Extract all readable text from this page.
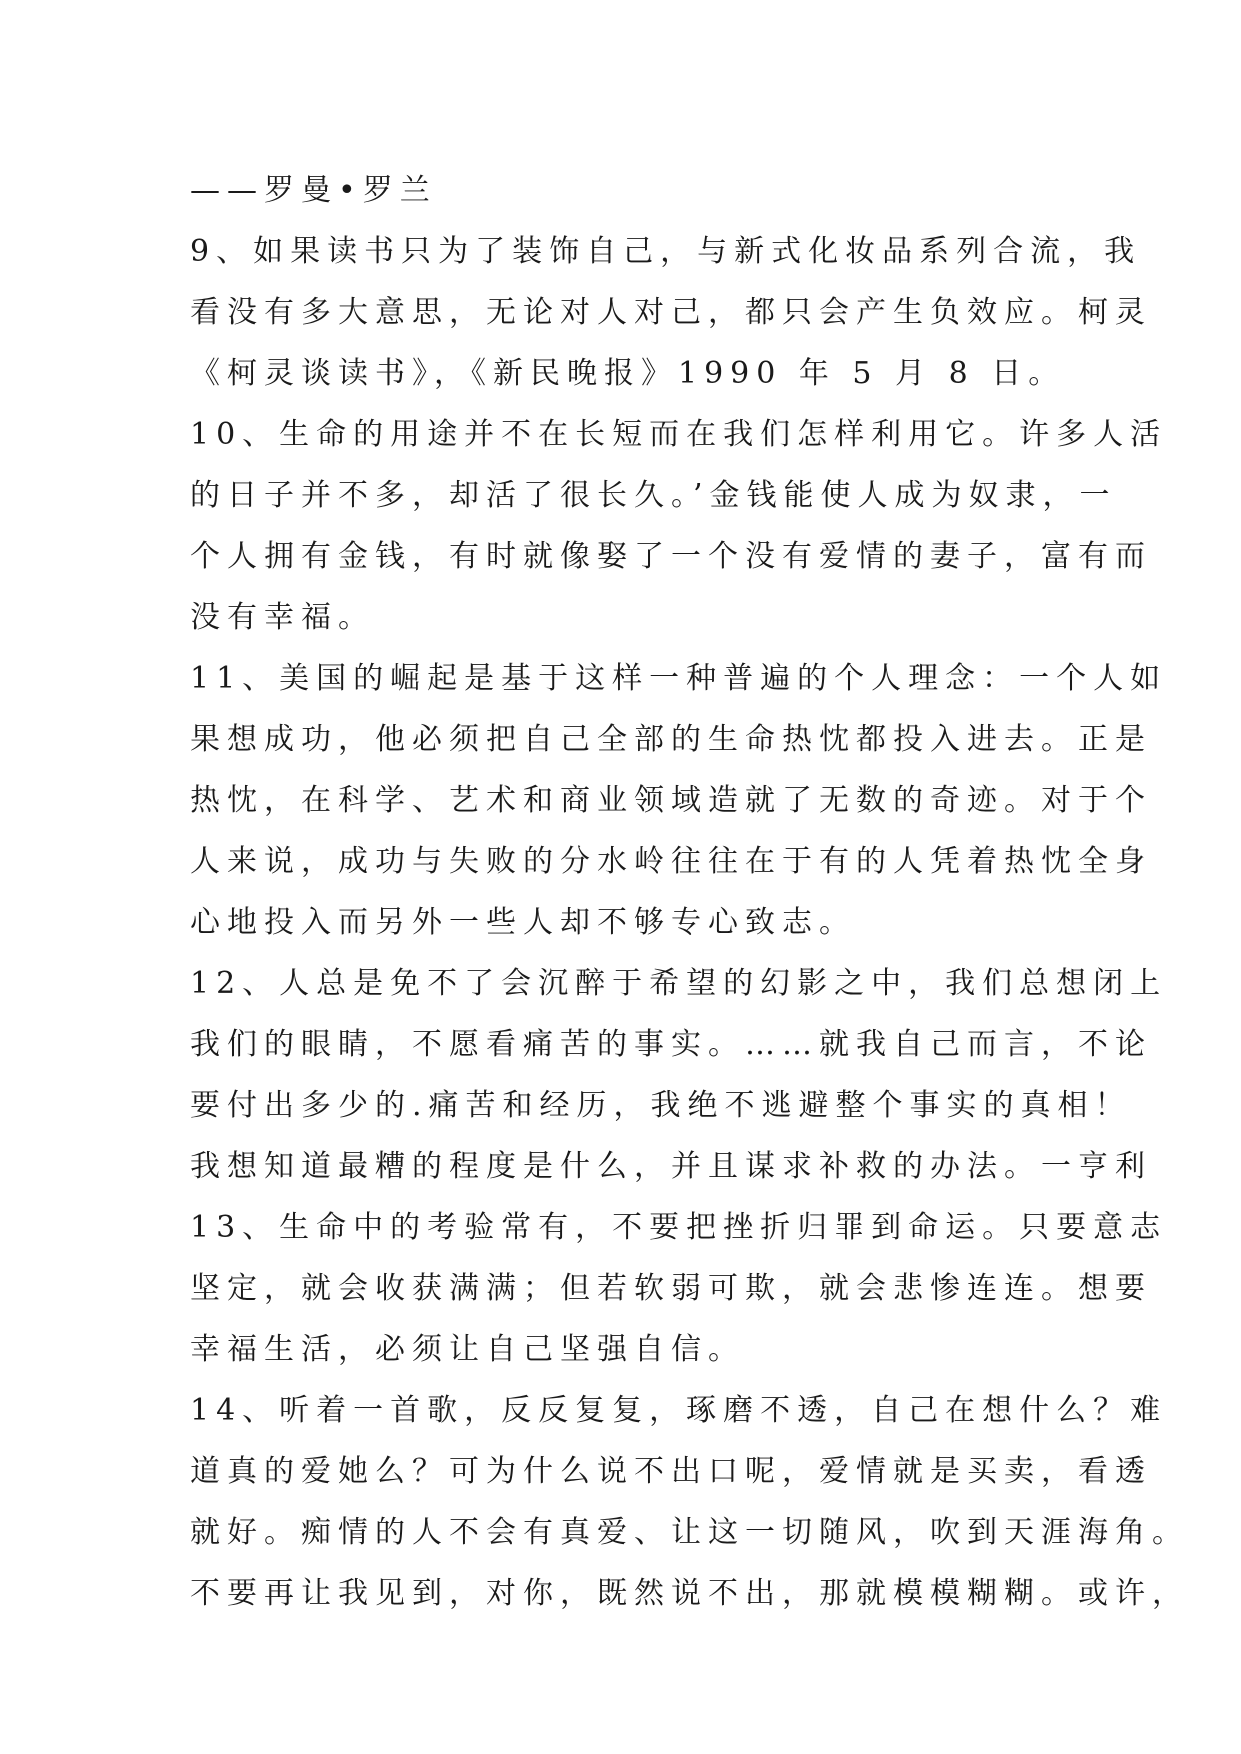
——罗曼•罗兰
9、如果读书只为了装饰自己，与新式化妆品系列合流，我
看没有多大意思，无论对人对己，都只会产生负效应。柯灵
《柯灵谈读书》，《新民晚报》1990 年 5 月 8 日。
10、生命的用途并不在长短而在我们怎样利用它。许多人活
的日子并不多，却活了很长久。’金钱能使人成为奴隶，一
个人拥有金钱，有时就像娶了一个没有爱情的妻子，富有而
没有幸福。
11、美国的崛起是基于这样一种普遍的个人理念：一个人如
果想成功，他必须把自己全部的生命热忱都投入进去。正是
热忱，在科学、艺术和商业领域造就了无数的奇迹。对于个
人来说，成功与失败的分水岭往往在于有的人凭着热忱全身
心地投入而另外一些人却不够专心致志。
12、人总是免不了会沉醉于希望的幻影之中，我们总想闭上
我们的眼睛，不愿看痛苦的事实。……就我自己而言，不论
要付出多少的.痛苦和经历，我绝不逃避整个事实的真相！
我想知道最糟的程度是什么，并且谋求补救的办法。一亨利
13、生命中的考验常有，不要把挫折归罪到命运。只要意志
坚定，就会收获满满；但若软弱可欺，就会悲惨连连。想要
幸福生活，必须让自己坚强自信。
14、听着一首歌，反反复复，琢磨不透，自己在想什么？难
道真的爱她么？可为什么说不出口呢，爱情就是买卖，看透
就好。痴情的人不会有真爱、让这一切随风，吹到天涯海角。
不要再让我见到，对你，既然说不出，那就模模糊糊。或许，
